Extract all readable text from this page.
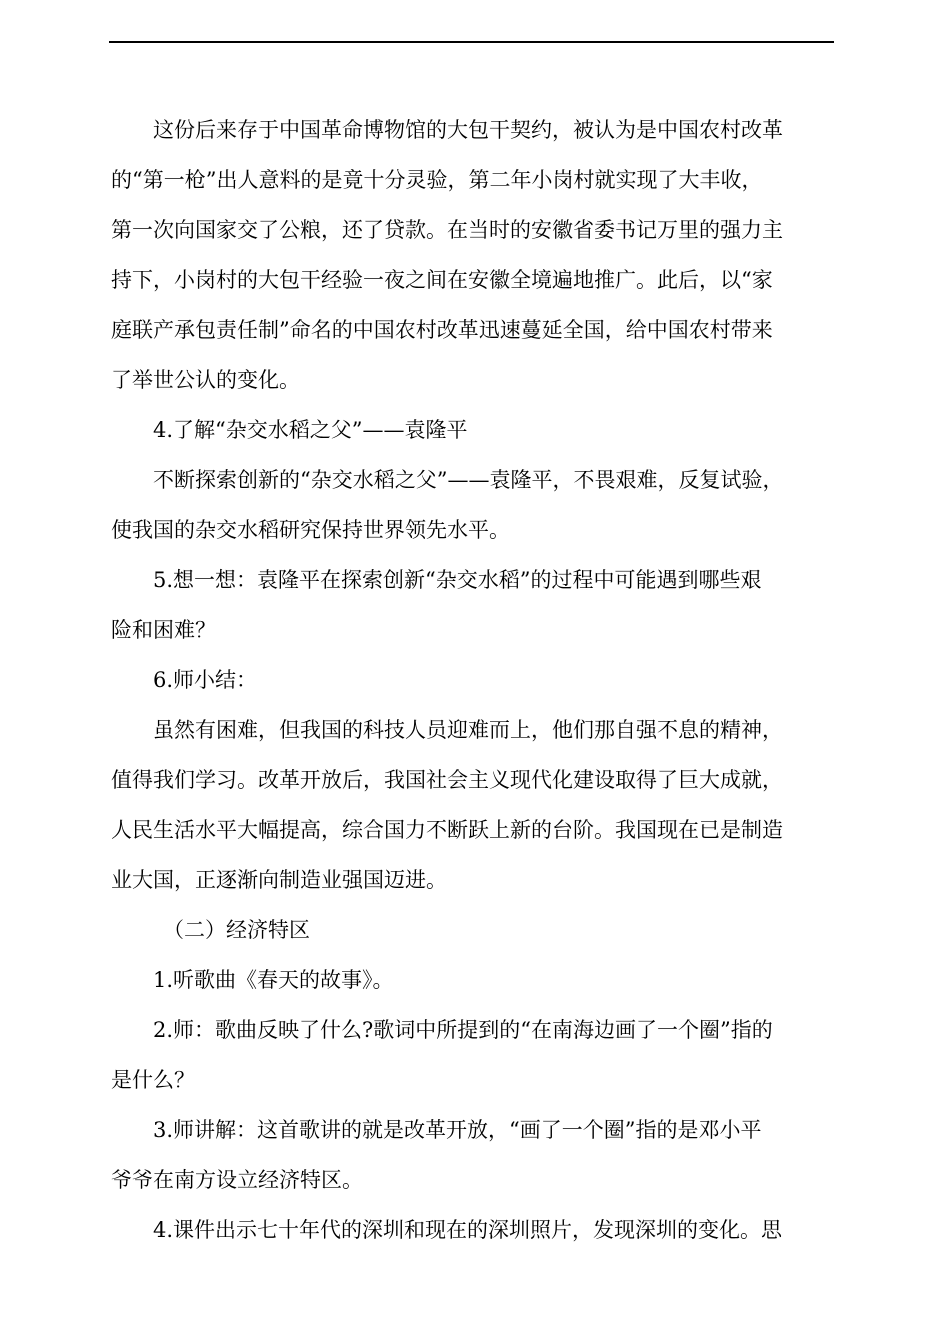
这份后来存于中国革命博物馆的大包干契约，被认为是中国农村改革
的“第一枪”出人意料的是竟十分灵验，第二年小岗村就实现了大丰收，
第一次向国家交了公粮，还了贷款。在当时的安徽省委书记万里的强力主
持下，小岗村的大包干经验一夜之间在安徽全境遍地推广。此后，以“家
庭联产承包责任制”命名的中国农村改革迅速蔓延全国，给中国农村带来
了举世公认的变化。
4.了解“杂交水稻之父”——袁隆平
不断探索创新的“杂交水稻之父”——袁隆平，不畏艰难，反复试验，
使我国的杂交水稻研究保持世界领先水平。
5.想一想：袁隆平在探索创新“杂交水稻”的过程中可能遇到哪些艰
险和困难？
6.师小结：
虽然有困难，但我国的科技人员迎难而上，他们那自强不息的精神，
值得我们学习。改革开放后，我国社会主义现代化建设取得了巨大成就，
人民生活水平大幅提高，综合国力不断跃上新的台阶。我国现在已是制造
业大国，正逐渐向制造业强国迈进。
（二）经济特区
1.听歌曲《春天的故事》。
2.师：歌曲反映了什么?歌词中所提到的“在南海边画了一个圈”指的
是什么？
3.师讲解：这首歌讲的就是改革开放，“画了一个圈”指的是邓小平
爷爷在南方设立经济特区。
4.课件出示七十年代的深圳和现在的深圳照片，发现深圳的变化。思
